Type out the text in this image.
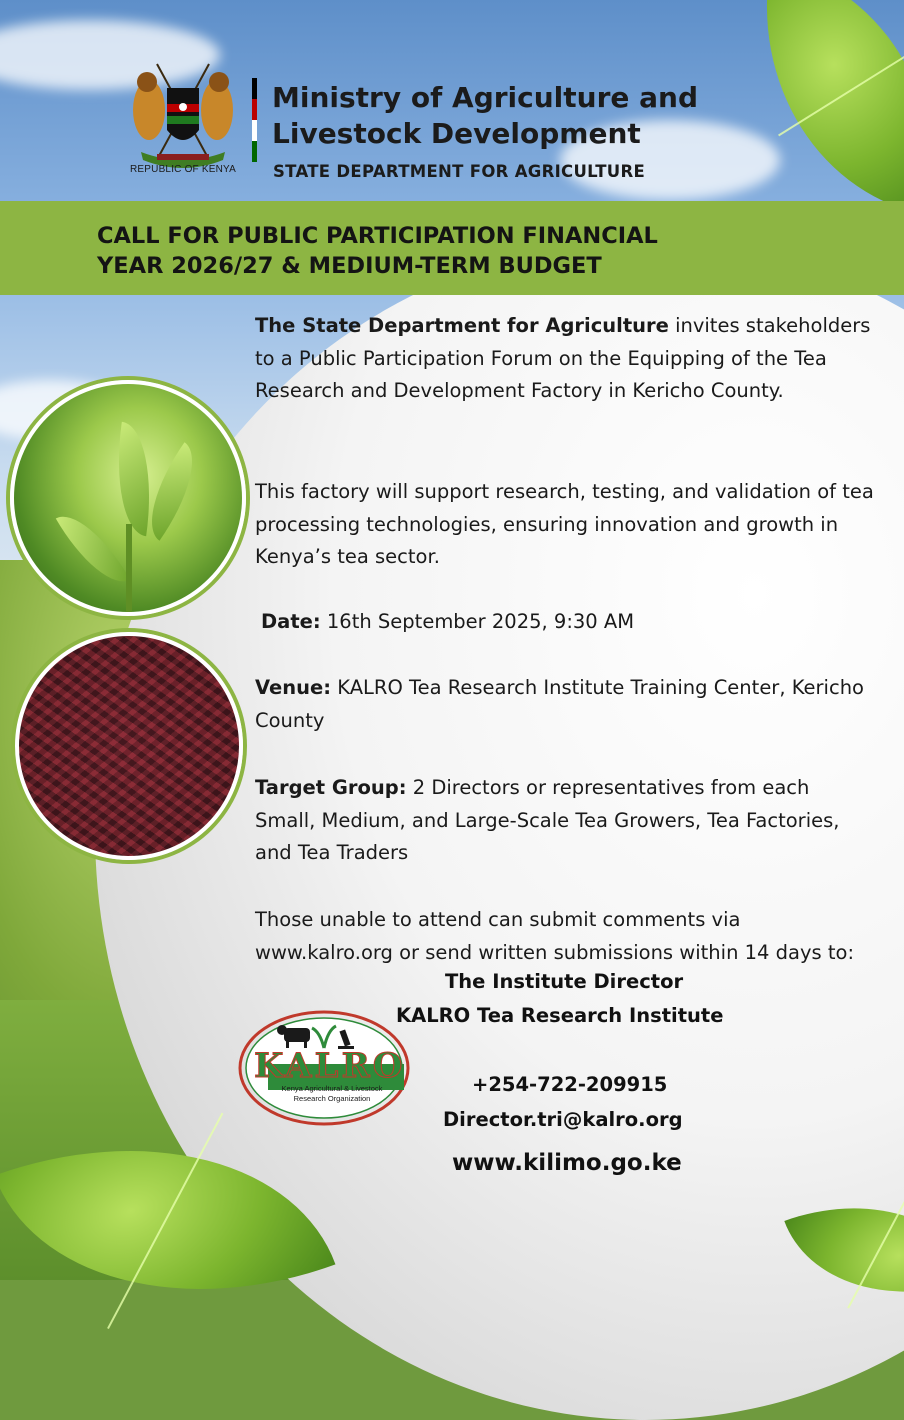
REPUBLIC OF KENYA
Ministry of Agriculture and
Livestock Development
STATE DEPARTMENT FOR AGRICULTURE
CALL FOR PUBLIC PARTICIPATION FINANCIAL
YEAR 2026/27 & MEDIUM-TERM BUDGET

The State Department for Agriculture invites stakeholders to a Public Participation Forum on the Equipping of the Tea Research and Development Factory in Kericho County.

This factory will support research, testing, and validation of tea processing technologies, ensuring innovation and growth in Kenya’s tea sector.

Date: 16th September 2025, 9:30 AM

Venue: KALRO Tea Research Institute Training Center, Kericho County

Target Group: 2 Directors or representatives from each Small, Medium, and Large-Scale Tea Growers, Tea Factories, and Tea Traders

Those unable to attend can submit comments via www.kalro.org or send written submissions within 14 days to:

The Institute Director
KALRO Tea Research Institute
+254-722-209915
Director.tri@kalro.org
www.kilimo.go.ke
KALRO
Kenya Agricultural & Livestock
Research Organization
